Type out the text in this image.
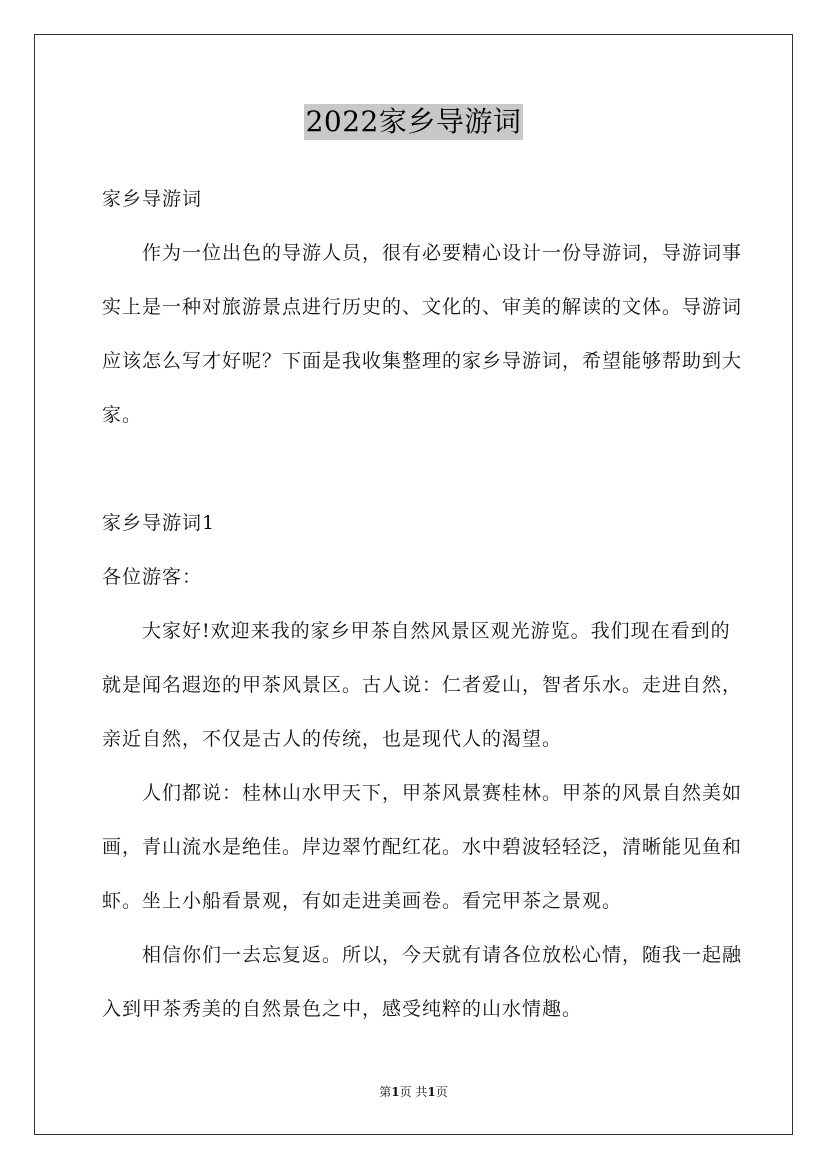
2022家乡导游词

家乡导游词

作为一位出色的导游人员，很有必要精心设计一份导游词，导游词事实上是一种对旅游景点进行历史的、文化的、审美的解读的文体。导游词应该怎么写才好呢？下面是我收集整理的家乡导游词，希望能够帮助到大家。

家乡导游词1

各位游客：

大家好!欢迎来我的家乡甲茶自然风景区观光游览。我们现在看到的就是闻名遐迩的甲茶风景区。古人说：仁者爱山，智者乐水。走进自然，亲近自然，不仅是古人的传统，也是现代人的渴望。

人们都说：桂林山水甲天下，甲茶风景赛桂林。甲茶的风景自然美如画，青山流水是绝佳。岸边翠竹配红花。水中碧波轻轻泛，清晰能见鱼和虾。坐上小船看景观，有如走进美画卷。看完甲茶之景观。

相信你们一去忘复返。所以，今天就有请各位放松心情，随我一起融入到甲茶秀美的自然景色之中，感受纯粹的山水情趣。

第1页 共1页
